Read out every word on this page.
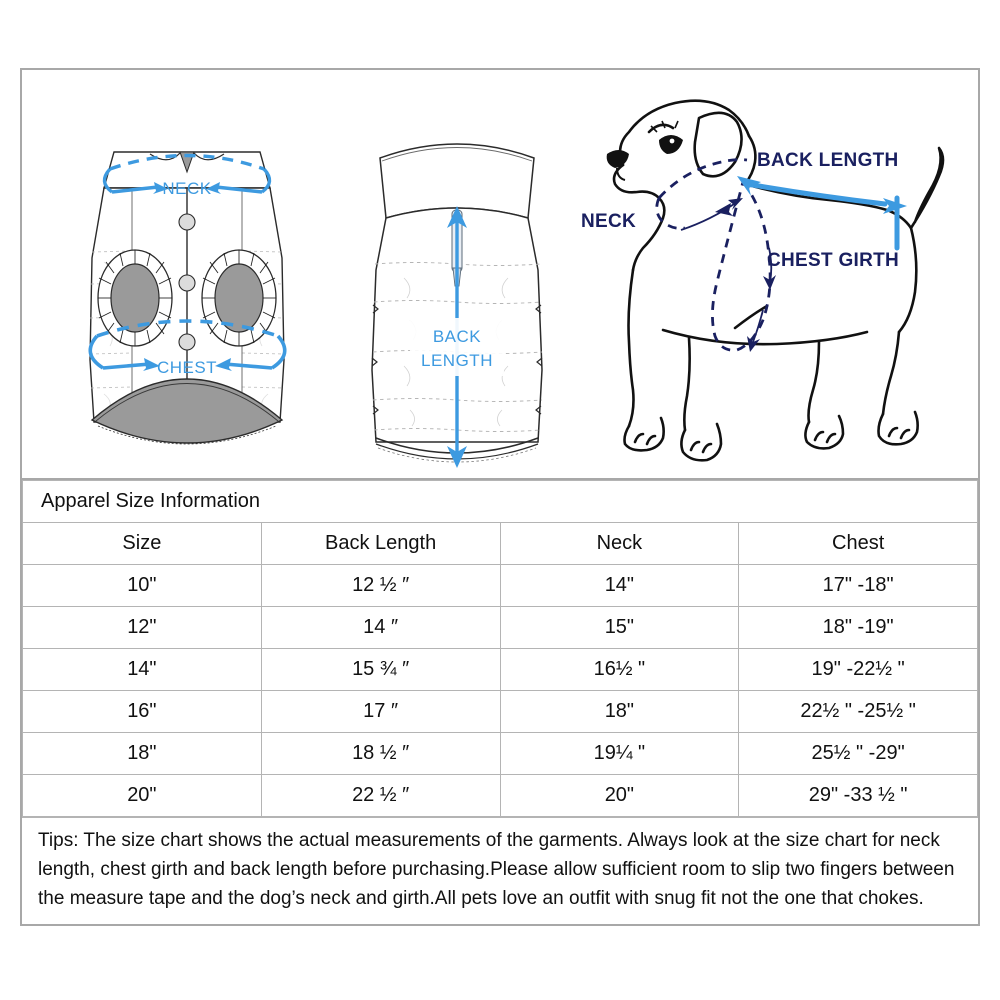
NECK
CHEST
BACK
LENGTH
NECK
CHEST GIRTH
BACK LENGTH
Apparel Size Information			
Size	Back Length	Neck	Chest
10"	12 ½ ″	14"	17" -18"
12"	14 ″	15"	18" -19"
14"	15 ¾ ″	16½ "	19" -22½ "
16"	17 ″	18"	22½ " -25½ "
18"	18 ½ ″	19¼ "	25½ " -29"
20"	22 ½ ″	20"	29" -33 ½ "
Tips: The size chart shows the actual measurements of the garments. Always look at the size chart for neck length, chest girth and back length before purchasing.Please allow sufficient room to slip two fingers between the measure tape and the dog’s neck and girth.All pets love an outfit with snug fit not the one that chokes.
